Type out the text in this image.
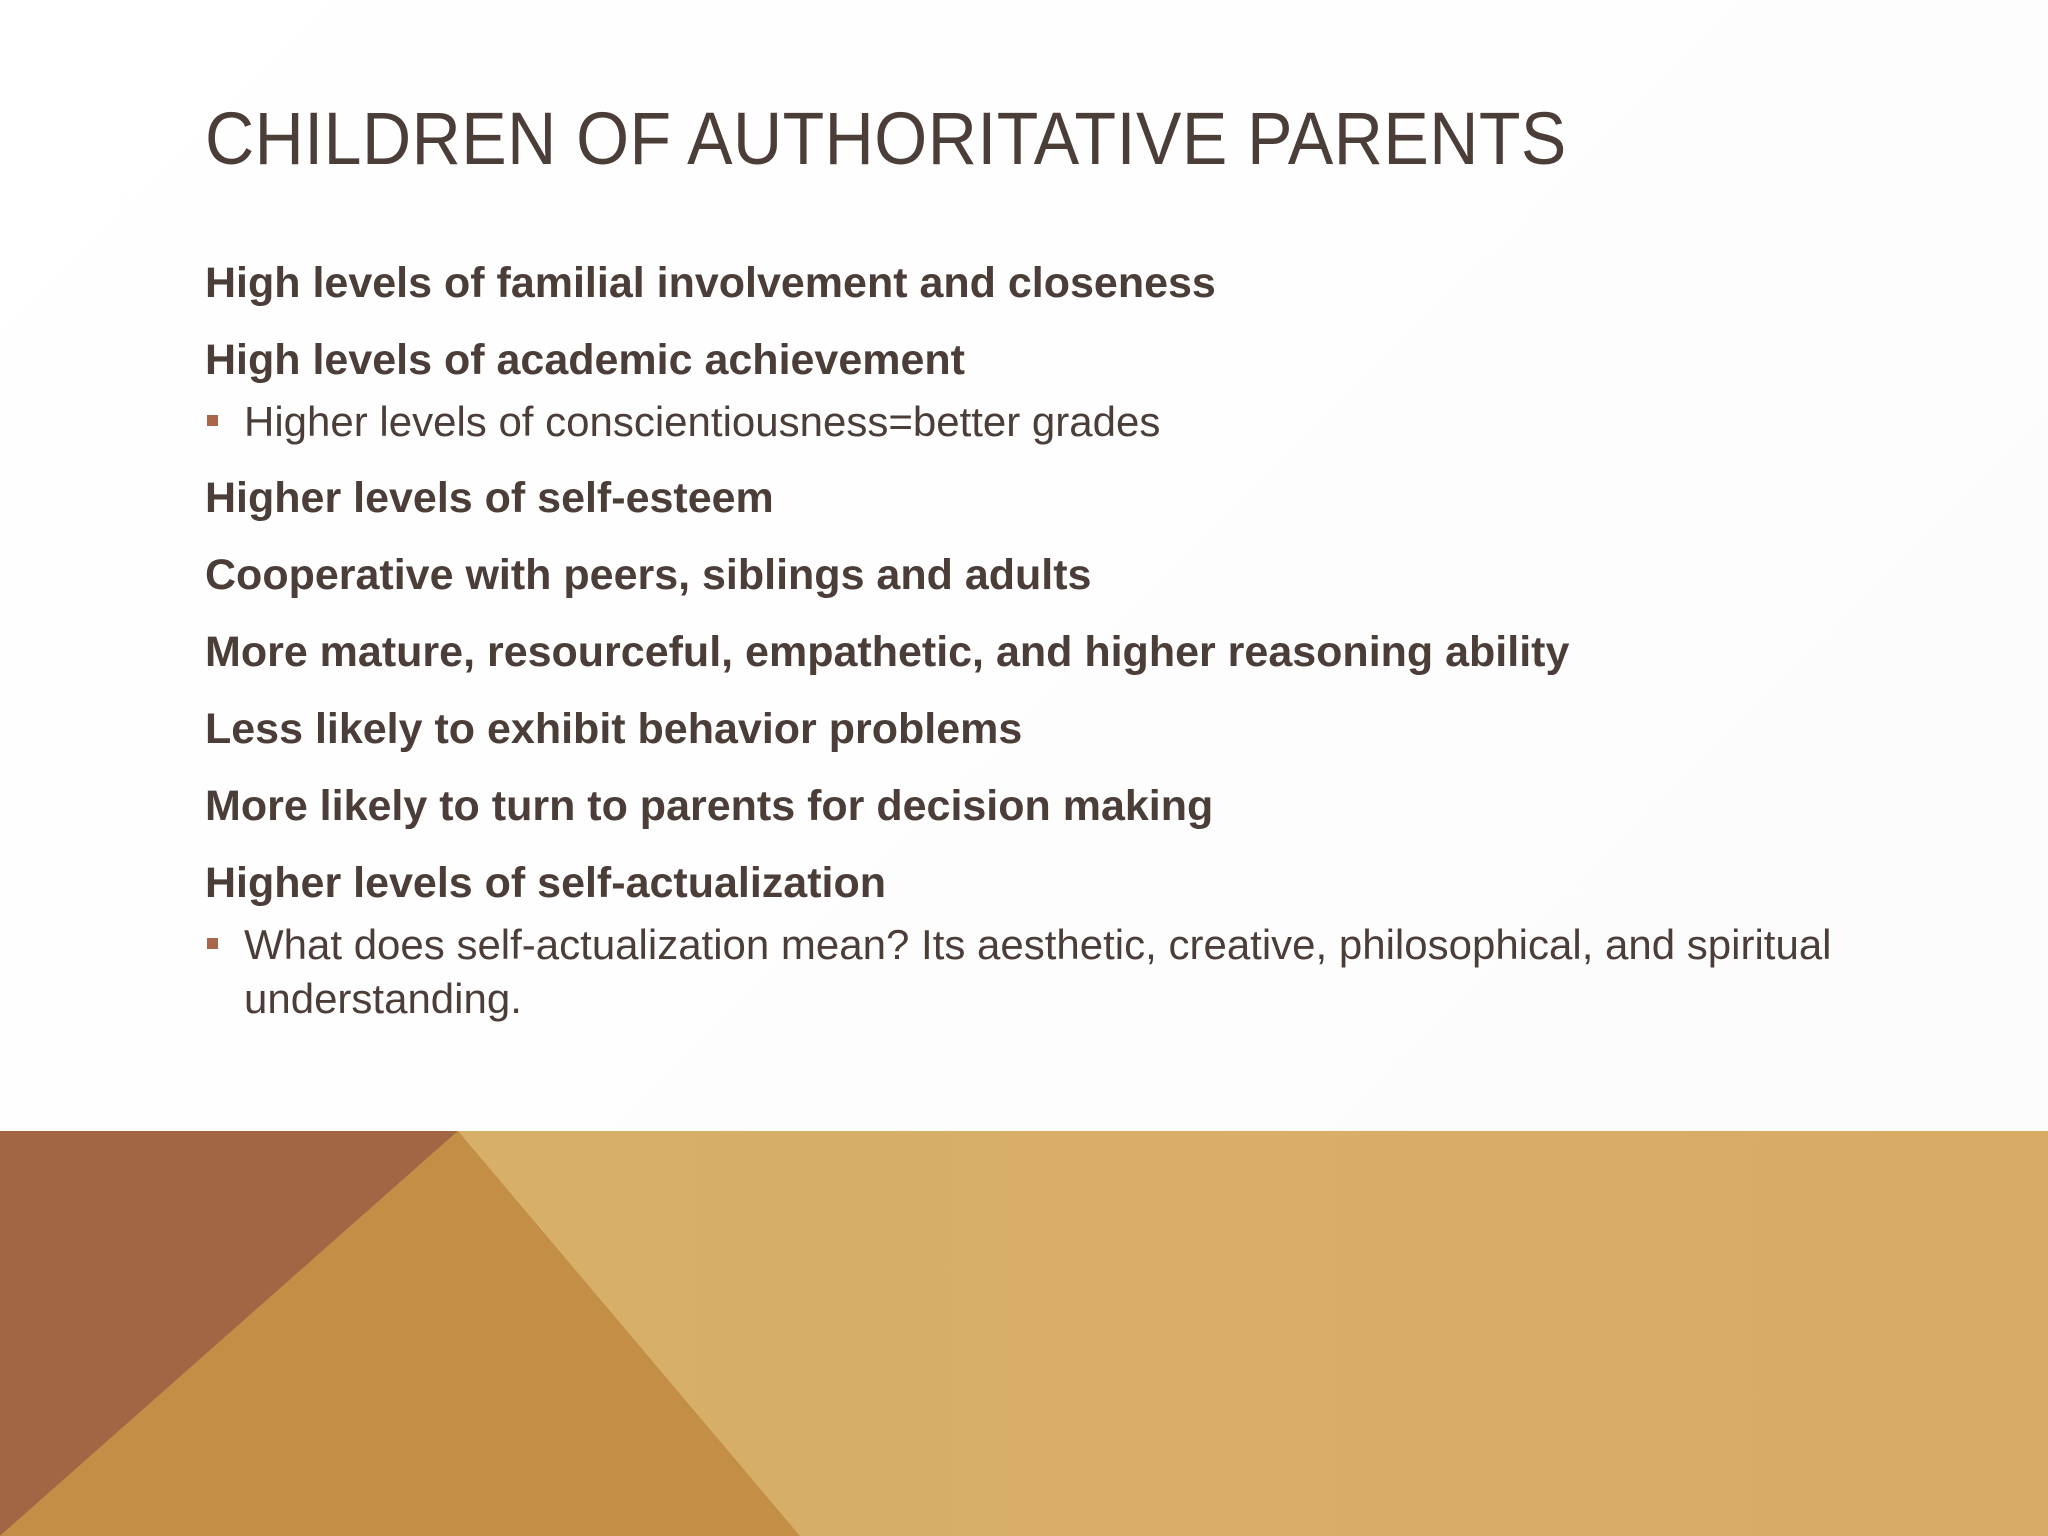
CHILDREN OF AUTHORITATIVE PARENTS

High levels of familial involvement and closeness

High levels of academic achievement

Higher levels of conscientiousness=better grades

Higher levels of self-esteem

Cooperative with peers, siblings and adults

More mature, resourceful, empathetic, and higher reasoning ability

Less likely to exhibit behavior problems

More likely to turn to parents for decision making

Higher levels of self-actualization

What does self-actualization mean? Its aesthetic, creative, philosophical, and spiritual understanding.
